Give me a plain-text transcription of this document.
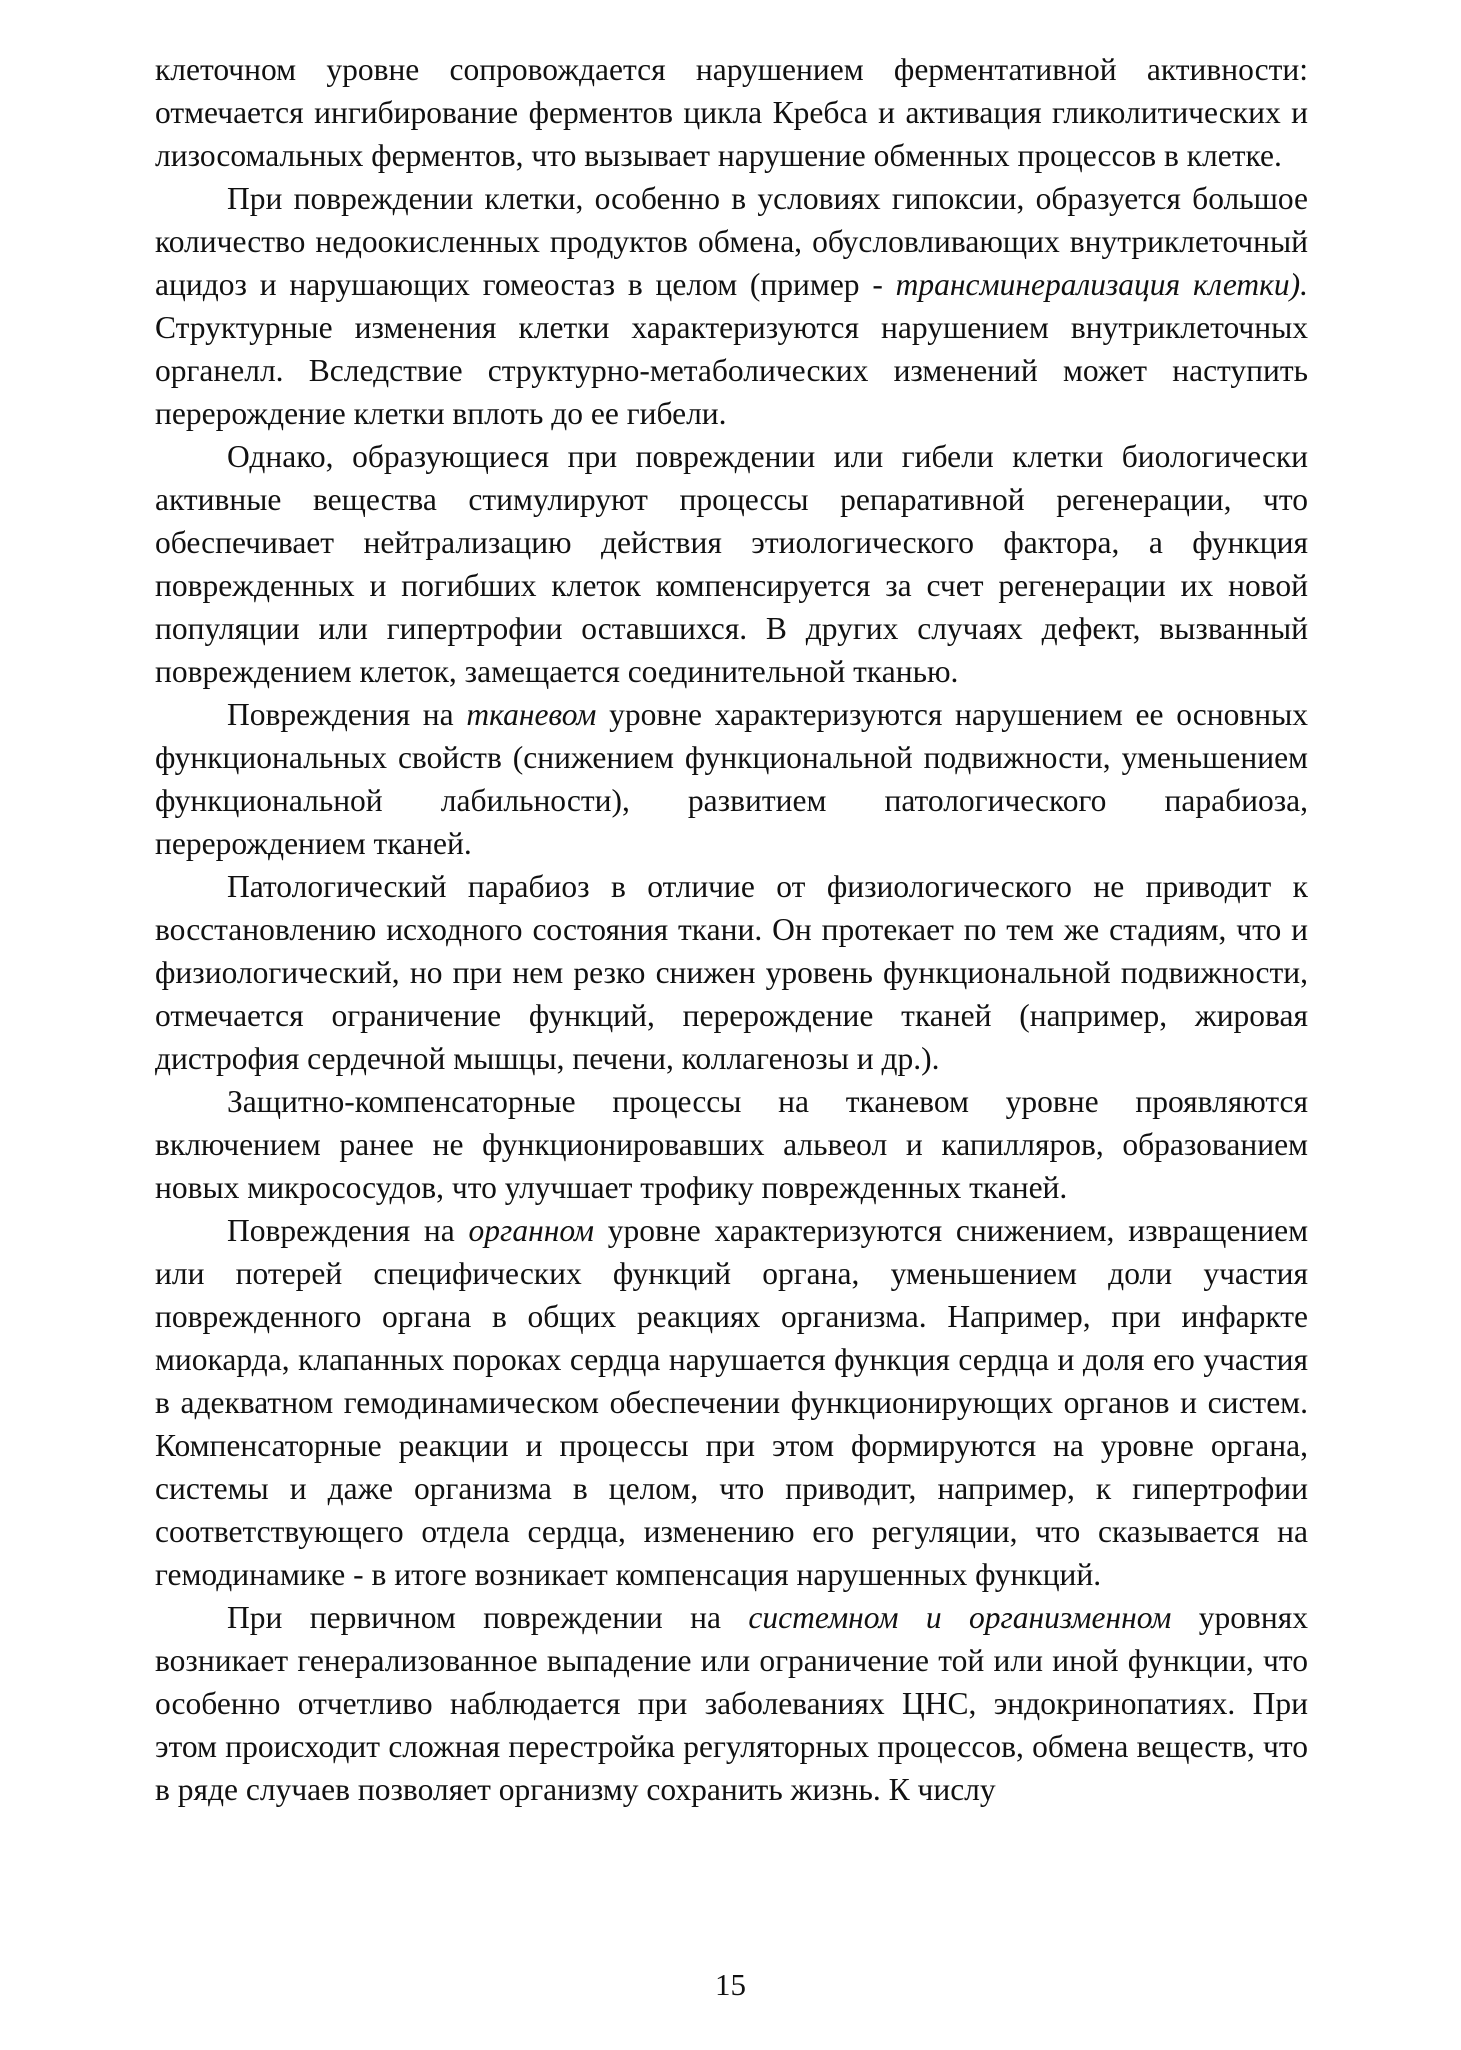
клеточном уровне сопровождается нарушением ферментативной активности: отмечается ингибирование ферментов цикла Кребса и активация гликолитических и лизосомальных ферментов, что вызывает нарушение обменных процессов в клетке.

При повреждении клетки, особенно в условиях гипоксии, образуется большое количество недоокисленных продуктов обмена, обусловливающих внутриклеточный ацидоз и нарушающих гомеостаз в целом (пример - трансминерализация клетки). Структурные изменения клетки характеризуются нарушением внутриклеточных органелл. Вследствие структурно-метаболических изменений может наступить перерождение клетки вплоть до ее гибели.

Однако, образующиеся при повреждении или гибели клетки биологически активные вещества стимулируют процессы репаративной регенерации, что обеспечивает нейтрализацию действия этиологического фактора, а функция поврежденных и погибших клеток компенсируется за счет регенерации их новой популяции или гипертрофии оставшихся. В других случаях дефект, вызванный повреждением клеток, замещается соединительной тканью.

Повреждения на тканевом уровне характеризуются нарушением ее основных функциональных свойств (снижением функциональной подвижности, уменьшением функциональной лабильности), развитием патологического парабиоза, перерождением тканей.

Патологический парабиоз в отличие от физиологического не приводит к восстановлению исходного состояния ткани. Он протекает по тем же стадиям, что и физиологический, но при нем резко снижен уровень функциональной подвижности, отмечается ограничение функций, перерождение тканей (например, жировая дистрофия сердечной мышцы, печени, коллагенозы и др.).

Защитно-компенсаторные процессы на тканевом уровне проявляются включением ранее не функционировавших альвеол и капилляров, образованием новых микрососудов, что улучшает трофику поврежденных тканей.

Повреждения на органном уровне характеризуются снижением, извращением или потерей специфических функций органа, уменьшением доли участия поврежденного органа в общих реакциях организма. Например, при инфаркте миокарда, клапанных пороках сердца нарушается функция сердца и доля его участия в адекватном гемодинамическом обеспечении функционирующих органов и систем. Компенсаторные реакции и процессы при этом формируются на уровне органа, системы и даже организма в целом, что приводит, например, к гипертрофии соответствующего отдела сердца, изменению его регуляции, что сказывается на гемодинамике - в итоге возникает компенсация нарушенных функций.

При первичном повреждении на системном и организменном уровнях возникает генерализованное выпадение или ограничение той или иной функции, что особенно отчетливо наблюдается при заболеваниях ЦНС, эндокринопатиях. При этом происходит сложная перестройка регуляторных процессов, обмена веществ, что в ряде случаев позволяет организму сохранить жизнь. К числу

15
